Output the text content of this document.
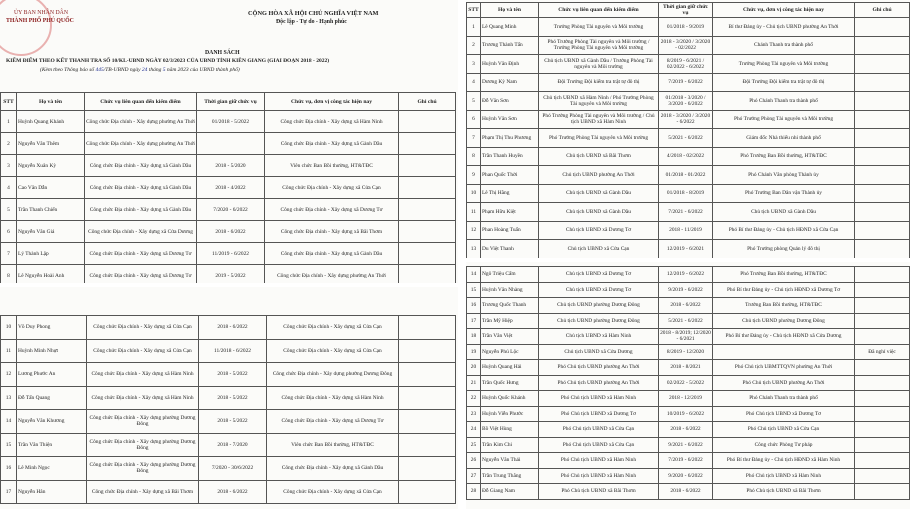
ỦY BAN NHÂN DÂN
THÀNH PHỐ PHÚ QUỐC
CỘNG HÒA XÃ HỘI CHỦ NGHĨA VIỆT NAM
Độc lập - Tự do - Hạnh phúc
DANH SÁCH
KIỂM ĐIỂM THEO KẾT THANH TRA SỐ 10/KL-UBND NGÀY 02/3/2023 CỦA UBND TỈNH KIÊN GIANG (GIAI ĐOẠN 2018 - 2022)
(Kèm theo Thông báo số 445/TB-UBND ngày 24 tháng 5 năm 2023 của UBND thành phố)
STT	Họ và tên	Chức vụ liên quan đến kiểm điểm	Thời gian giữ chức vụ	Chức vụ, đơn vị công tác hiện nay	Ghi chú
1	Huỳnh Quang Khánh	Công chức Địa chính - Xây dựng phường An Thới	01/2018 - 5/2022	Công chức Địa chính - Xây dựng xã Hàm Ninh	
2	Nguyễn Văn Thêm	Công chức Địa chính - Xây dựng phường An Thới		Công chức Địa chính - Xây dựng xã Gành Dầu	
3	Nguyễn Xuân Kỳ	Công chức Địa chính - Xây dựng xã Gành Dầu	2018 - 5/2020	Viên chức Ban Bồi thường, HT&TĐC	
4	Cao Văn Dẫn	Công chức Địa chính - Xây dựng xã Gành Dầu	2018 - 4/2022	Công chức Địa chính - Xây dựng xã Cửa Cạn	
5	Trần Thanh Chiến	Công chức Địa chính - Xây dựng xã Gành Dầu	7/2020 - 6/2022	Công chức Địa chính - Xây dựng xã Dương Tơ	
6	Nguyễn Văn Giá	Công chức Địa chính - Xây dựng xã Cửa Dương	2018 - 6/2022	Công chức Địa chính - Xây dựng xã Bãi Thơm	
7	Lý Thành Lập	Công chức Địa chính - Xây dựng xã Dương Tơ	11/2019 - 6/2022	Công chức Địa chính - Xây dựng xã Gành Dầu	
8	Lê Nguyễn Hoài Anh	Công chức Địa chính - Xây dựng xã Dương Tơ	2019 - 5/2022	Công chức Địa chính - Xây dựng phường An Thới	
10	Võ Duy Phong	Công chức Địa chính - Xây dựng xã Cửa Cạn	2018 - 6/2022	Công chức Địa chính - Xây dựng xã Cửa Cạn	
11	Huỳnh Minh Nhựt	Công chức Địa chính - Xây dựng xã Cửa Cạn	11/2018 - 6/2022	Công chức Địa chính - Xây dựng xã Cửa Cạn	
12	Lương Phước An	Công chức Địa chính - Xây dựng xã Hàm Ninh	2018 - 5/2022	Công chức Địa chính - Xây dựng phường Dương Đông	
13	Đỗ Tấn Quang	Công chức Địa chính - Xây dựng xã Hàm Ninh	2018 - 5/2022	Công chức Địa chính - Xây dựng xã Hàm Ninh	
14	Nguyễn Văn Khương	Công chức Địa chính - Xây dựng phường Dương Đông	2018 - 5/2022	Công chức Địa chính - Xây dựng xã Dương Tơ	
15	Trần Văn Thiện	Công chức Địa chính - Xây dựng phường Dương Đông	2018 - 7/2020	Viên chức Ban Bồi thường, HT&TĐC	
16	Lê Minh Ngọc	Công chức Địa chính - Xây dựng phường Dương Đông	7/2020 - 30/6/2022	Công chức Địa chính - Xây dựng xã Gành Dầu	
17	Nguyễn Hân	Công chức Địa chính - Xây dựng xã Bãi Thơm	2018 - 6/2022	Công chức Địa chính - Xây dựng xã Cửa Cạn	
STT	Họ và tên	Chức vụ liên quan đến kiểm điểm	Thời gian giữ chức vụ	Chức vụ, đơn vị công tác hiện nay	Ghi chú
1	Lê Quang Minh	Trưởng Phòng Tài nguyên và Môi trường	01/2018 - 9/2019	Bí thư Đảng ủy - Chủ tịch UBND phường An Thới	
2	Trương Thành Tấn	Phó Trưởng Phòng Tài nguyên và Môi trường / Trưởng Phòng Tài nguyên và Môi trường	2018 - 3/2020 / 3/2020 - 02/2022	Chánh Thanh tra thành phố	
3	Huỳnh Văn Định	Chủ tịch UBND xã Gành Dầu / Trưởng Phòng Tài nguyên và Môi trường	8/2019 - 6/2021 / 02/2022 - 6/2022	Trưởng Phòng Tài nguyên và Môi trường	
4	Dương Kỳ Nam	Đội Trưởng Đội kiểm tra trật tự đô thị	7/2019 - 6/2022	Đội Trưởng Đội kiểm tra trật tự đô thị	
5	Đỗ Văn Sơn	Chủ tịch UBND xã Hàm Ninh / Phó Trưởng Phòng Tài nguyên và Môi trường	01/2018 - 3/2020 / 3/2020 - 6/2022	Phó Chánh Thanh tra thành phố	
6	Huỳnh Văn Sơn	Phó Trưởng Phòng Tài nguyên và Môi trường / Chủ tịch UBND xã Hàm Ninh	2018 - 3/2020 / 3/2020 - 6/2022	Phó Trưởng Phòng Tài nguyên và Môi trường	
7	Phạm Thị Thu Phương	Phó Trưởng Phòng Tài nguyên và Môi trường	5/2021 - 6/2022	Giám đốc Nhà thiếu nhi thành phố	
8	Trần Thanh Huyền	Chủ tịch UBND xã Bãi Thơm	4/2018 - 02/2022	Phó Trưởng Ban Bồi thường, HT&TĐC	
9	Phan Quốc Thời	Chủ tịch UBND phường An Thới	01/2018 - 01/2022	Phó Chánh Văn phòng Thành ủy	
10	Lê Thị Hằng	Chủ tịch UBND xã Gành Dầu	01/2018 - 8/2019	Phó Trưởng Ban Dân vận Thành ủy	
11	Phạm Hữu Kiệt	Chủ tịch UBND xã Gành Dầu	7/2021 - 6/2022	Chủ tịch UBND xã Gành Dầu	
12	Phan Hoàng Tuấn	Chủ tịch UBND xã Dương Tơ	2018 - 11/2019	Phó Bí thư Đảng ủy - Chủ tịch HĐND xã Cửa Cạn	
13	Du Việt Thanh	Chủ tịch UBND xã Cửa Cạn	12/2019 - 6/2021	Phó Trưởng phòng Quản lý đô thị	
14	Ngô Triệu Cẩm	Chủ tịch UBND xã Dương Tơ	12/2019 - 6/2022	Phó Trưởng Ban Bồi thường, HT&TĐC	
15	Huỳnh Văn Nhàng	Chủ tịch UBND xã Dương Tơ	9/2019 - 6/2022	Phó Bí thư Đảng ủy - Chủ tịch HĐND xã Dương Tơ	
16	Trương Quốc Thanh	Chủ tịch UBND phường Dương Đông	2018 - 6/2022	Trưởng Ban Bồi thường, HT&TĐC	
17	Trần Mỹ Hiệp	Chủ tịch UBND phường Dương Đông	5/2021 - 6/2022	Chủ tịch UBND phường Dương Đông	
18	Trần Văn Việt	Chủ tịch UBND xã Hàm Ninh	2018 - 8/2019; 12/2020 - 6/2021	Phó Bí thư Đảng ủy - Chủ tịch HĐND xã Cửa Dương	
19	Nguyễn Phú Lộc	Chủ tịch UBND xã Cửa Dương	8/2019 - 12/2020		Đã nghỉ việc
20	Huỳnh Quang Hải	Phó Chủ tịch UBND phường An Thới	2018 - 8/2021	Phó Chủ tịch UBMTTQVN phường An Thới	
21	Trần Quốc Hưng	Phó Chủ tịch UBND phường An Thới	02/2022 - 5/2022	Phó Chủ tịch UBND phường An Thới	
22	Huỳnh Quốc Khánh	Phó Chủ tịch UBND xã Hàm Ninh	2018 - 12/2019	Phó Chánh Thanh tra thành phố	
23	Huỳnh Viễn Phước	Phó Chủ tịch UBND xã Dương Tơ	10/2019 - 6/2022	Phó Chủ tịch UBND xã Dương Tơ	
24	Bồ Việt Hùng	Phó Chủ tịch UBND xã Cửa Cạn	2018 - 6/2022	Phó Chủ tịch UBND xã Cửa Cạn	
25	Trần Kim Chi	Phó Chủ tịch UBND xã Cửa Cạn	9/2021 - 6/2022	Công chức Phòng Tư pháp	
26	Nguyễn Văn Thái	Phó Chủ tịch UBND xã Hàm Ninh	7/2019 - 6/2022	Phó Bí thư Đảng ủy - Chủ tịch HĐND xã Hàm Ninh	
27	Trần Trung Thắng	Phó Chủ tịch UBND xã Hàm Ninh	9/2020 - 6/2022	Phó Chủ tịch UBND xã Hàm Ninh	
28	Đỗ Giang Nam	Phó Chủ tịch UBND xã Bãi Thơm	2018 - 6/2022	Phó Chủ tịch UBND xã Bãi Thơm	
